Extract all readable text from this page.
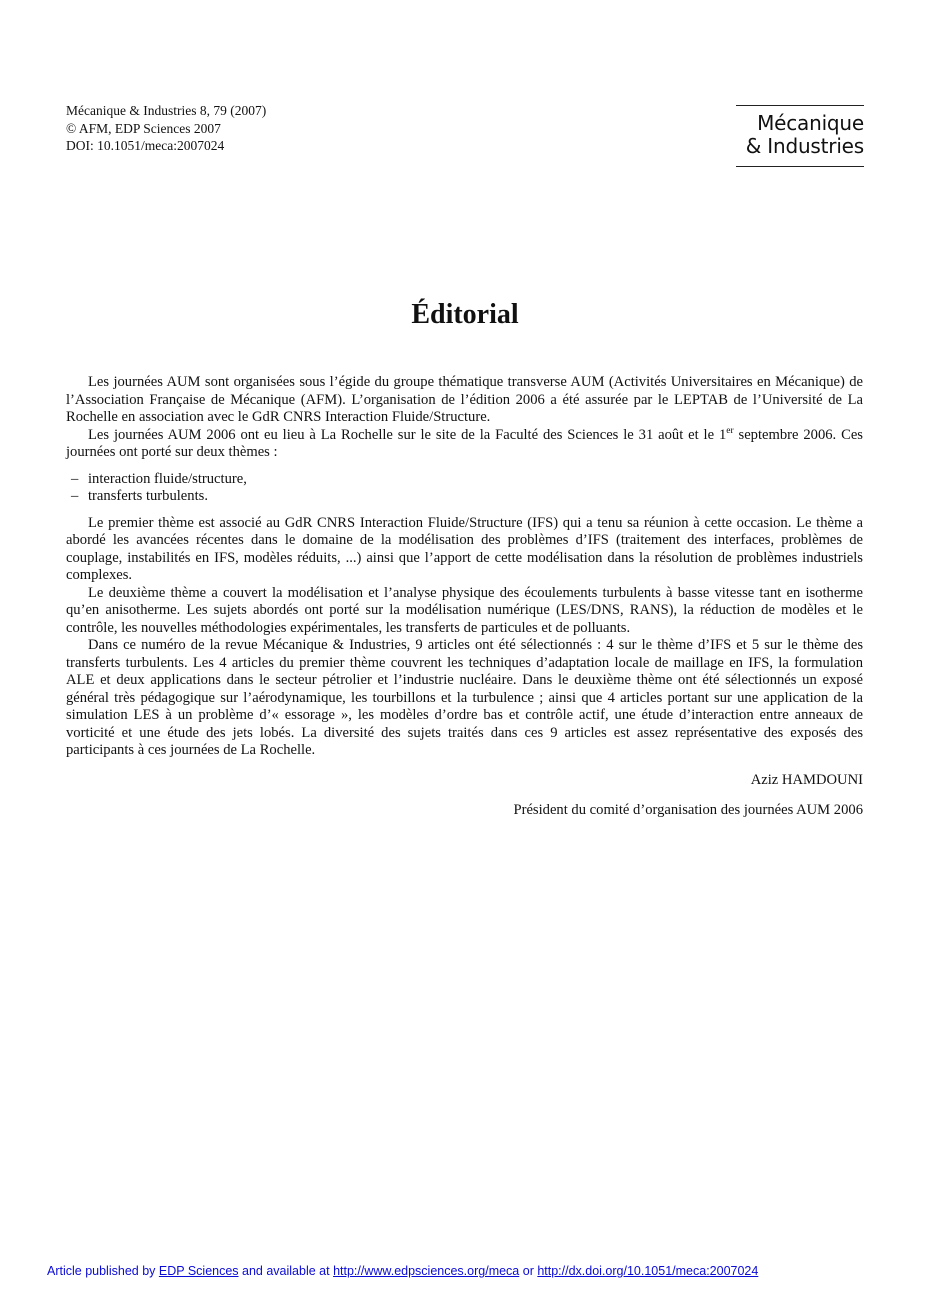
Mécanique & Industries 8, 79 (2007)
© AFM, EDP Sciences 2007
DOI: 10.1051/meca:2007024
Mécanique
& Industries
Éditorial

Les journées AUM sont organisées sous l’égide du groupe thématique transverse AUM (Activités Universitaires en Mécanique) de l’Association Française de Mécanique (AFM). L’organisation de l’édition 2006 a été assurée par le LEPTAB de l’Université de La Rochelle en association avec le GdR CNRS Interaction Fluide/Structure.

Les journées AUM 2006 ont eu lieu à La Rochelle sur le site de la Faculté des Sciences le 31 août et le 1er septembre 2006. Ces journées ont porté sur deux thèmes :

– interaction fluide/structure,
– transferts turbulents.

Le premier thème est associé au GdR CNRS Interaction Fluide/Structure (IFS) qui a tenu sa réunion à cette occasion. Le thème a abordé les avancées récentes dans le domaine de la modélisation des problèmes d’IFS (traitement des interfaces, problèmes de couplage, instabilités en IFS, modèles réduits, ...) ainsi que l’apport de cette modélisation dans la résolution de problèmes industriels complexes.

Le deuxième thème a couvert la modélisation et l’analyse physique des écoulements turbulents à basse vitesse tant en isotherme qu’en anisotherme. Les sujets abordés ont porté sur la modélisation numérique (LES/DNS, RANS), la réduction de modèles et le contrôle, les nouvelles méthodologies expérimentales, les transferts de particules et de polluants.

Dans ce numéro de la revue Mécanique & Industries, 9 articles ont été sélectionnés : 4 sur le thème d’IFS et 5 sur le thème des transferts turbulents. Les 4 articles du premier thème couvrent les techniques d’adaptation locale de maillage en IFS, la formulation ALE et deux applications dans le secteur pétrolier et l’industrie nucléaire. Dans le deuxième thème ont été sélectionnés un exposé général très pédagogique sur l’aérodynamique, les tourbillons et la turbulence ; ainsi que 4 articles portant sur une application de la simulation LES à un problème d’« essorage », les modèles d’ordre bas et contrôle actif, une étude d’interaction entre anneaux de vorticité et une étude des jets lobés. La diversité des sujets traités dans ces 9 articles est assez représentative des exposés des participants à ces journées de La Rochelle.

Aziz HAMDOUNI
Président du comité d’organisation des journées AUM 2006
Article published by EDP Sciences and available at http://www.edpsciences.org/meca or http://dx.doi.org/10.1051/meca:2007024
